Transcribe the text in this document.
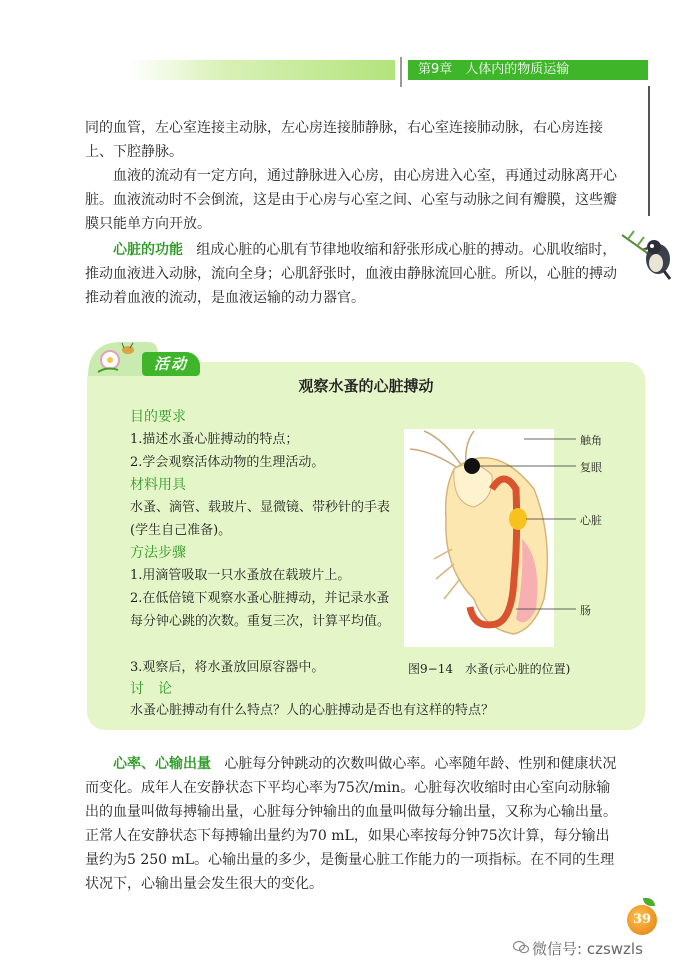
第9章　人体内的物质运输

同的血管，左心室连接主动脉，左心房连接肺静脉，右心室连接肺动脉，右心房连接上、下腔静脉。

血液的流动有一定方向，通过静脉进入心房，由心房进入心室，再通过动脉离开心脏。血液流动时不会倒流，这是由于心房与心室之间、心室与动脉之间有瓣膜，这些瓣膜只能单方向开放。

心脏的功能 组成心脏的心肌有节律地收缩和舒张形成心脏的搏动。心肌收缩时，推动血液进入动脉，流向全身；心肌舒张时，血液由静脉流回心脏。所以，心脏的搏动推动着血液的流动，是血液运输的动力器官。

活动

观察水蚤的心脏搏动

目的要求

1.描述水蚤心脏搏动的特点；

2.学会观察活体动物的生理活动。

材料用具

水蚤、滴管、载玻片、显微镜、带秒针的手表(学生自己准备)。

方法步骤

1.用滴管吸取一只水蚤放在载玻片上。

2.在低倍镜下观察水蚤心脏搏动，并记录水蚤每分钟心跳的次数。重复三次，计算平均值。

3.观察后，将水蚤放回原容器中。

讨　论

水蚤心脏搏动有什么特点？人的心脏搏动是否也有这样的特点？

触角
复眼
心脏
肠

图9−14　水蚤(示心脏的位置)

心率、心输出量 心脏每分钟跳动的次数叫做心率。心率随年龄、性别和健康状况而变化。成年人在安静状态下平均心率为75次/min。心脏每次收缩时由心室向动脉输出的血量叫做每搏输出量，心脏每分钟输出的血量叫做每分输出量，又称为心输出量。正常人在安静状态下每搏输出量约为70 mL，如果心率按每分钟75次计算，每分输出量约为5 250 mL。心输出量的多少，是衡量心脏工作能力的一项指标。在不同的生理状况下，心输出量会发生很大的变化。

39
微信号: czswzls
